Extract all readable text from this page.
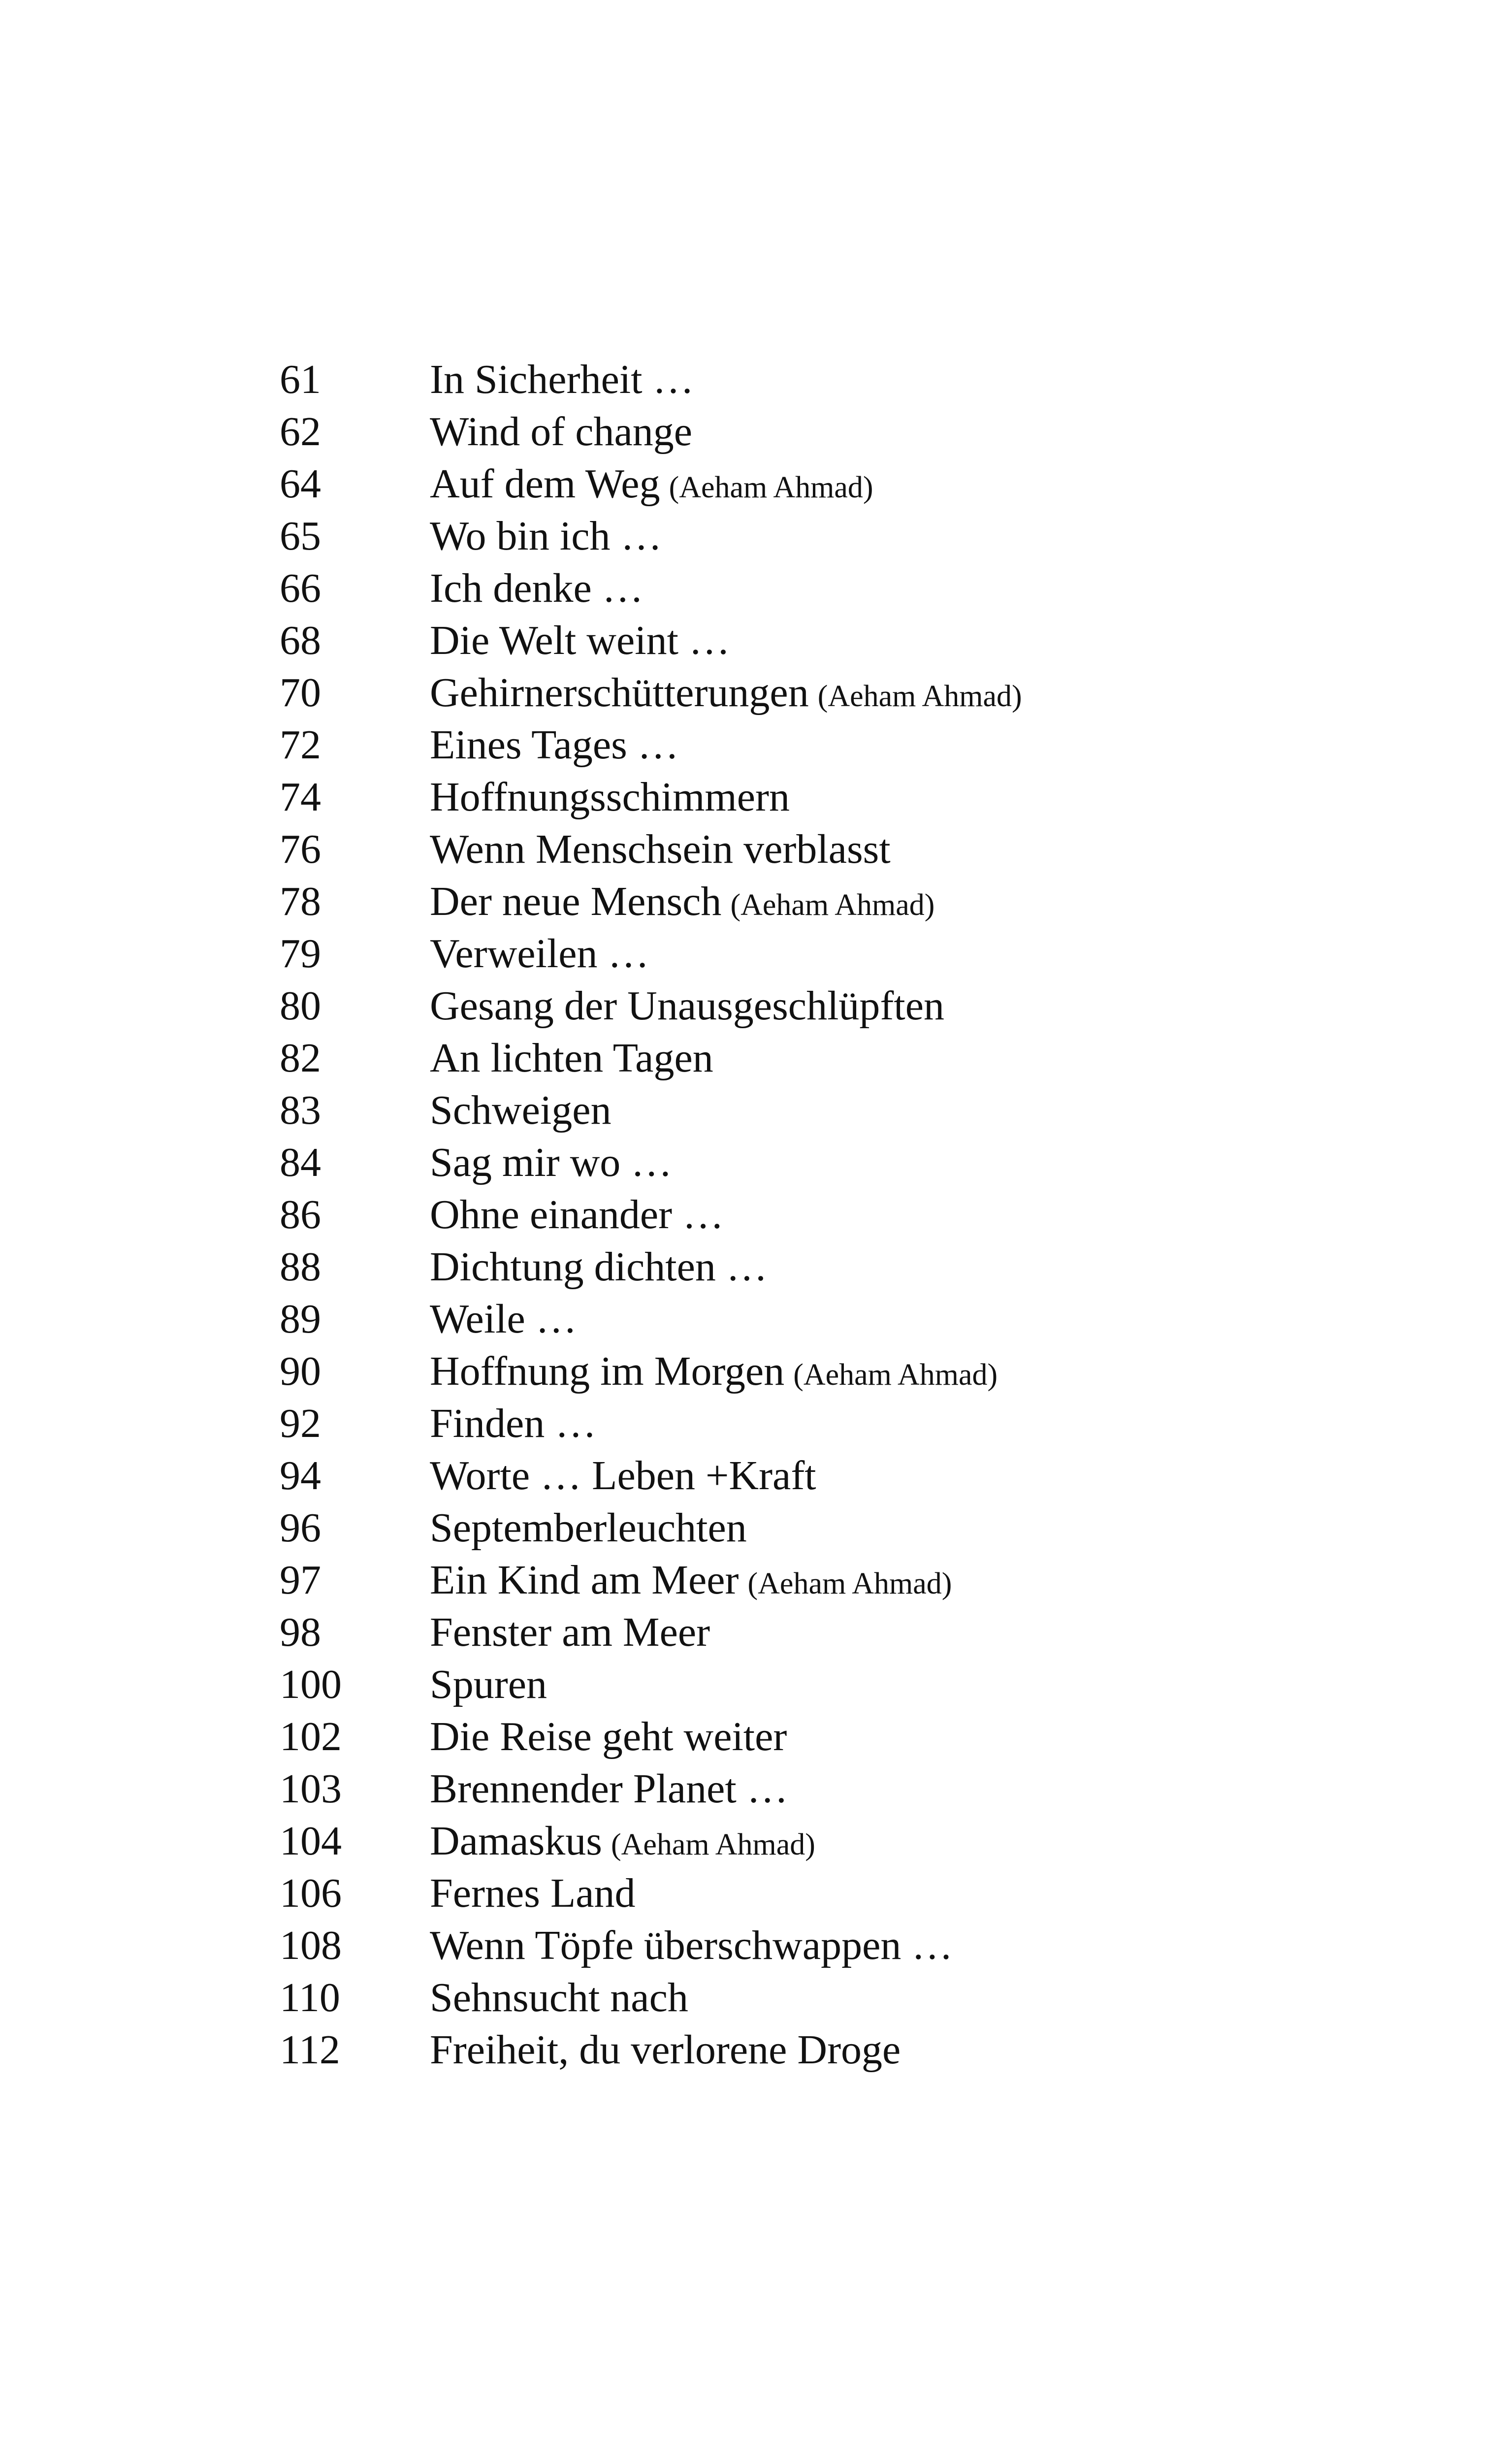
61	In Sicherheit …
62	Wind of change
64	Auf dem Weg (Aeham Ahmad)
65	Wo bin ich …
66	Ich denke …
68	Die Welt weint …
70	Gehirnerschütterungen (Aeham Ahmad)
72	Eines Tages …
74	Hoffnungsschimmern
76	Wenn Menschsein verblasst
78	Der neue Mensch (Aeham Ahmad)
79	Verweilen …
80	Gesang der Unausgeschlüpften
82	An lichten Tagen
83	Schweigen
84	Sag mir wo …
86	Ohne einander …
88	Dichtung dichten …
89	Weile …
90	Hoffnung im Morgen (Aeham Ahmad)
92	Finden …
94	Worte … Leben +Kraft
96	Septemberleuchten
97	Ein Kind am Meer (Aeham Ahmad)
98	Fenster am Meer
100	Spuren
102	Die Reise geht weiter
103	Brennender Planet …
104	Damaskus (Aeham Ahmad)
106	Fernes Land
108	Wenn Töpfe überschwappen …
110	Sehnsucht nach
112	Freiheit, du verlorene Droge
